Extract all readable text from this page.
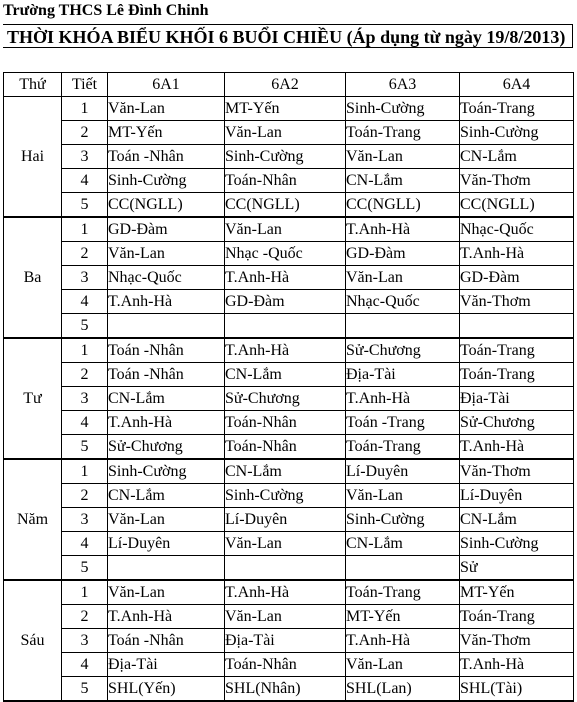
Trường THCS Lê Đình Chinh
THỜI KHÓA BIỂU KHỐI 6 BUỔI CHIỀU (Áp dụng từ ngày 19/8/2013)
Thứ	Tiết	6A1	6A2	6A3	6A4
Hai	1	Văn-Lan	MT-Yến	Sinh-Cường	Toán-Trang
	2	MT-Yến	Văn-Lan	Toán-Trang	Sinh-Cường
	3	Toán -Nhân	Sinh-Cường	Văn-Lan	CN-Lắm
	4	Sinh-Cường	Toán-Nhân	CN-Lắm	Văn-Thơm
	5	CC(NGLL)	CC(NGLL)	CC(NGLL)	CC(NGLL)
Ba	1	GD-Đàm	Văn-Lan	T.Anh-Hà	Nhạc-Quốc
	2	Văn-Lan	Nhạc -Quốc	GD-Đàm	T.Anh-Hà
	3	Nhạc-Quốc	T.Anh-Hà	Văn-Lan	GD-Đàm
	4	T.Anh-Hà	GD-Đàm	Nhạc-Quốc	Văn-Thơm
	5				
Tư	1	Toán -Nhân	T.Anh-Hà	Sử-Chương	Toán-Trang
	2	Toán -Nhân	CN-Lắm	Địa-Tài	Toán-Trang
	3	CN-Lắm	Sử-Chương	T.Anh-Hà	Địa-Tài
	4	T.Anh-Hà	Toán-Nhân	Toán -Trang	Sử-Chương
	5	Sử-Chương	Toán-Nhân	Toán-Trang	T.Anh-Hà
Năm	1	Sinh-Cường	CN-Lắm	Lí-Duyên	Văn-Thơm
	2	CN-Lắm	Sinh-Cường	Văn-Lan	Lí-Duyên
	3	Văn-Lan	Lí-Duyên	Sinh-Cường	CN-Lắm
	4	Lí-Duyên	Văn-Lan	CN-Lắm	Sinh-Cường
	5				Sử
Sáu	1	Văn-Lan	T.Anh-Hà	Toán-Trang	MT-Yến
	2	T.Anh-Hà	Văn-Lan	MT-Yến	Toán-Trang
	3	Toán -Nhân	Địa-Tài	T.Anh-Hà	Văn-Thơm
	4	Địa-Tài	Toán-Nhân	Văn-Lan	T.Anh-Hà
	5	SHL(Yến)	SHL(Nhân)	SHL(Lan)	SHL(Tài)
